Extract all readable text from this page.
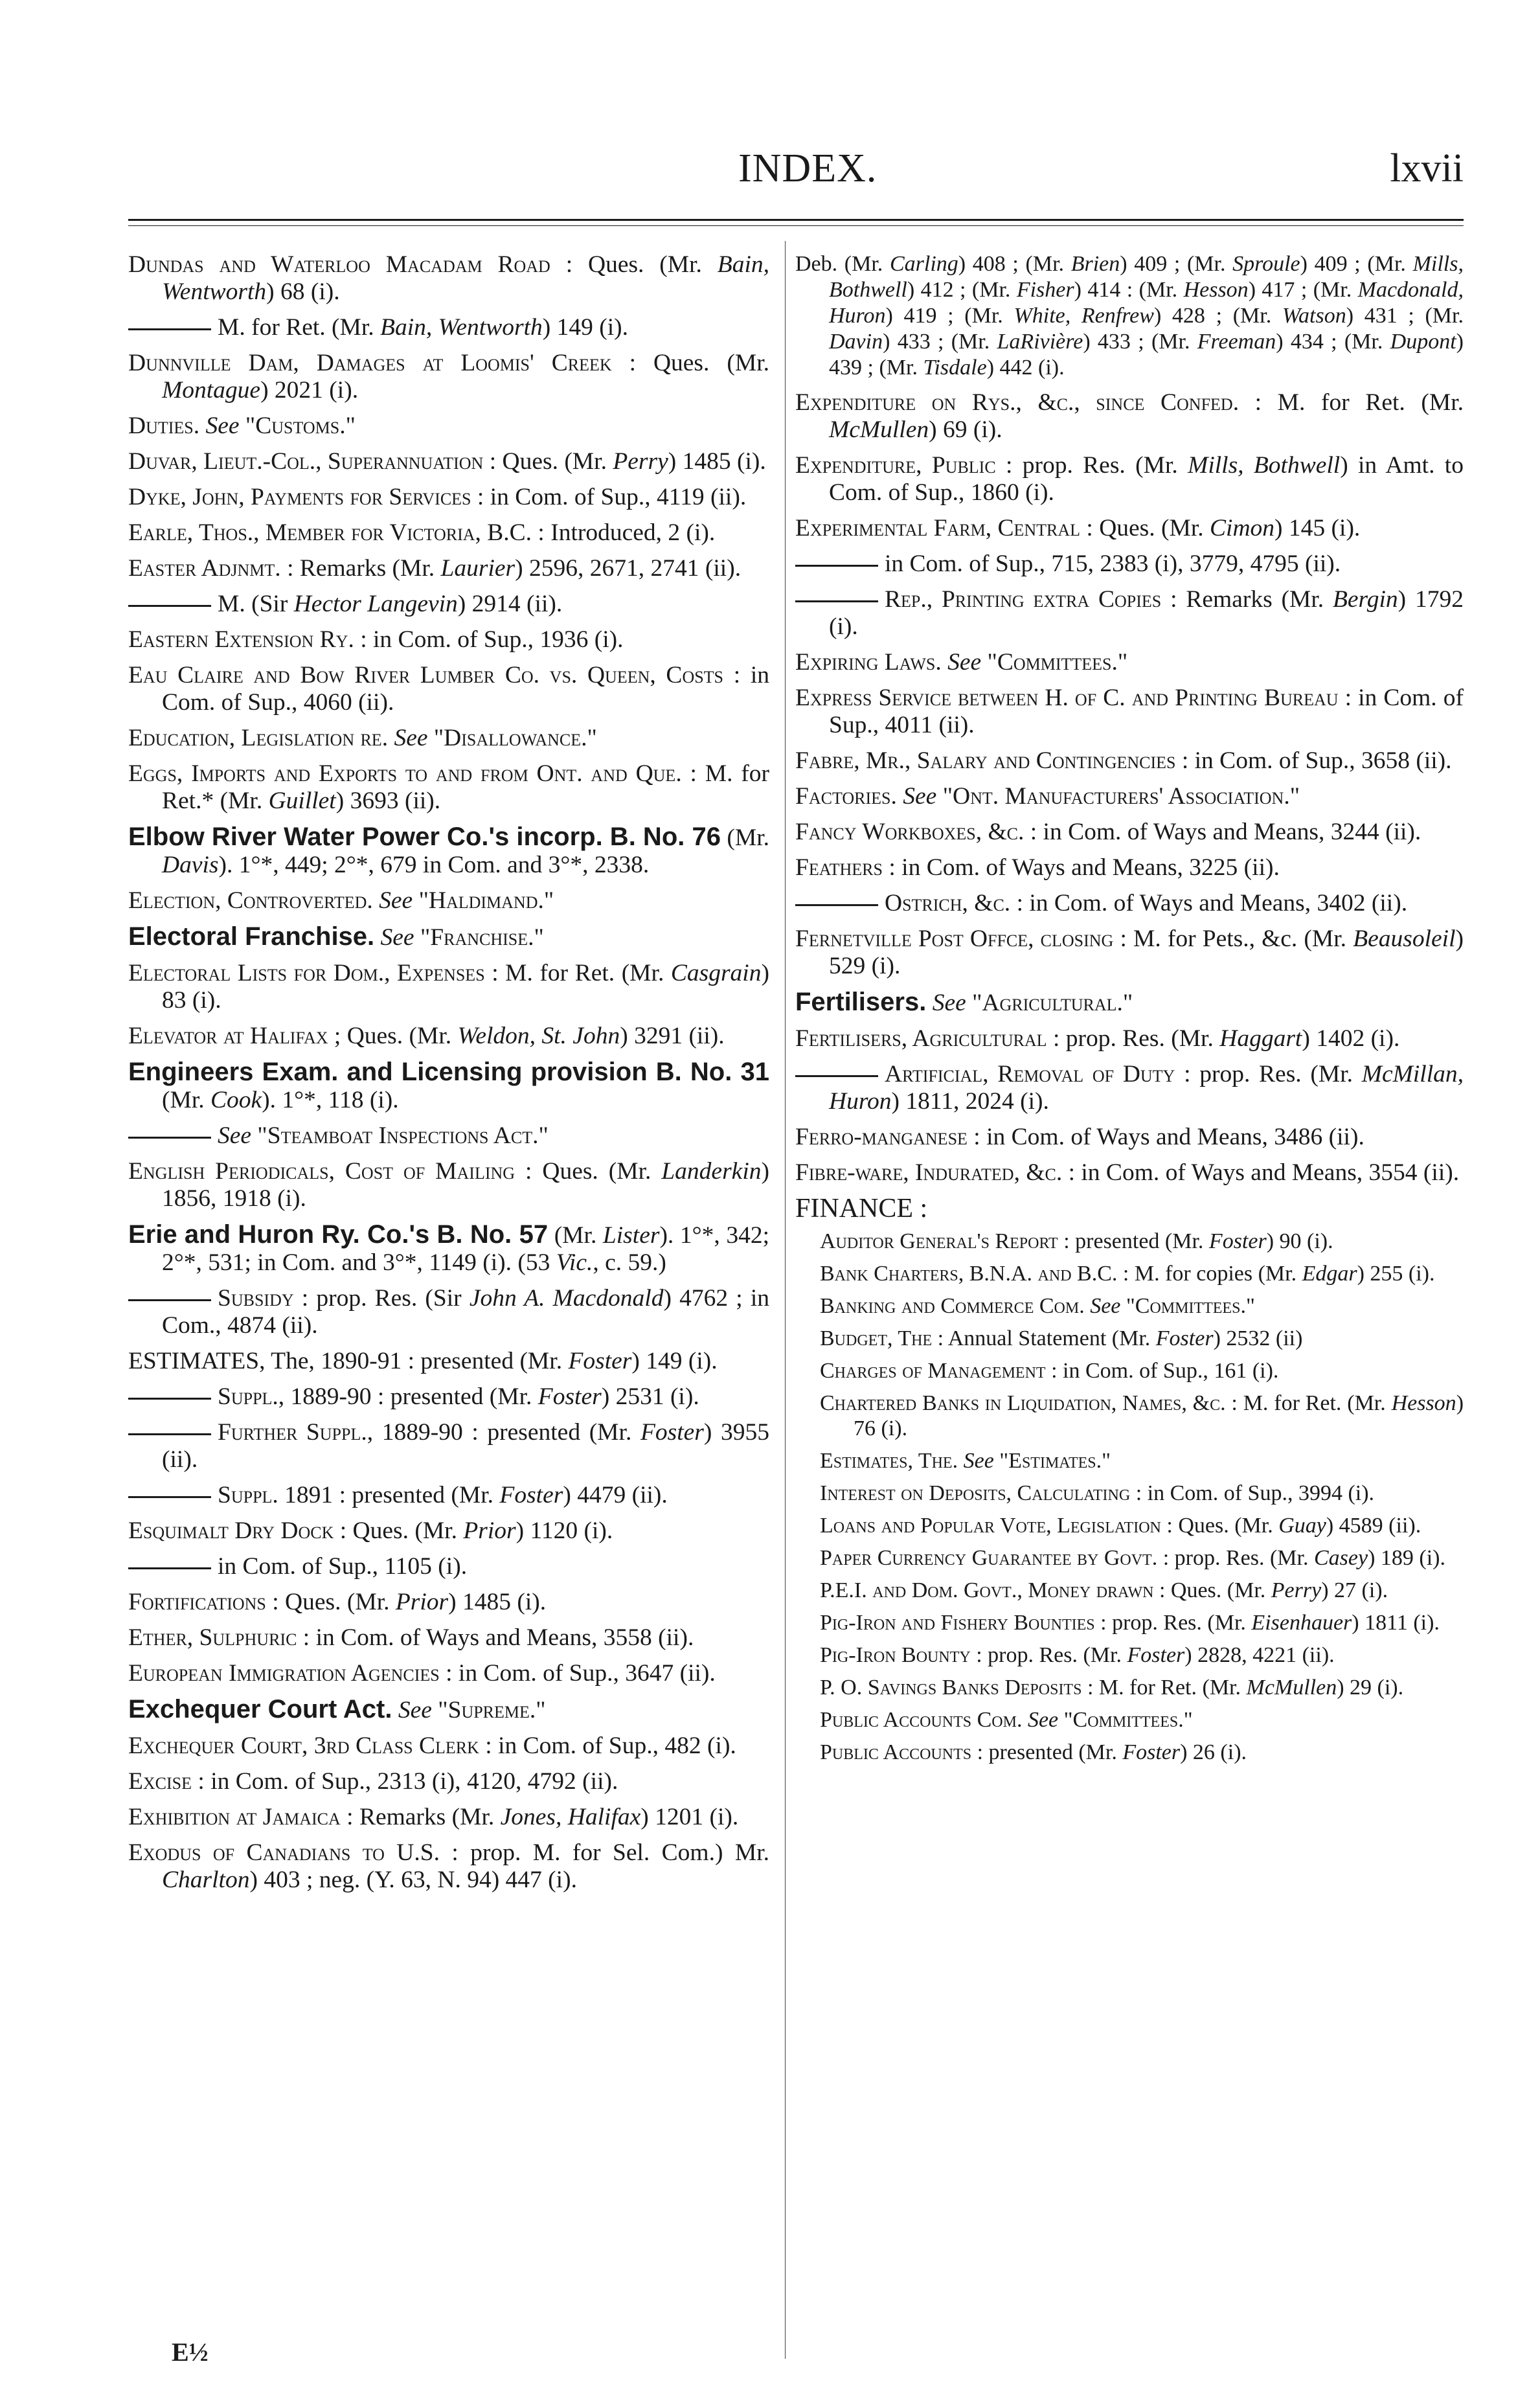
INDEX.	lxvii

Dundas and Waterloo Macadam Road : Ques. (Mr. Bain, Wentworth) 68 (i).

M. for Ret. (Mr. Bain, Wentworth) 149 (i).

Dunnville Dam, Damages at Loomis' Creek : Ques. (Mr. Montague) 2021 (i).

Duties. See "Customs."

Duvar, Lieut.-Col., Superannuation : Ques. (Mr. Perry) 1485 (i).

Dyke, John, Payments for Services : in Com. of Sup., 4119 (ii).

Earle, Thos., Member for Victoria, B.C. : Introduced, 2 (i).

Easter Adjnmt. : Remarks (Mr. Laurier) 2596, 2671, 2741 (ii).

M. (Sir Hector Langevin) 2914 (ii).

Eastern Extension Ry. : in Com. of Sup., 1936 (i).

Eau Claire and Bow River Lumber Co. vs. Queen, Costs : in Com. of Sup., 4060 (ii).

Education, Legislation re. See "Disallowance."

Eggs, Imports and Exports to and from Ont. and Que. : M. for Ret.* (Mr. Guillet) 3693 (ii).

Elbow River Water Power Co.'s incorp. B. No. 76 (Mr. Davis). 1°*, 449; 2°*, 679 in Com. and 3°*, 2338.

Election, Controverted. See "Haldimand."

Electoral Franchise. See "Franchise."

Electoral Lists for Dom., Expenses : M. for Ret. (Mr. Casgrain) 83 (i).

Elevator at Halifax ; Ques. (Mr. Weldon, St. John) 3291 (ii).

Engineers Exam. and Licensing provision B. No. 31 (Mr. Cook). 1°*, 118 (i).

See "Steamboat Inspections Act."

English Periodicals, Cost of Mailing : Ques. (Mr. Landerkin) 1856, 1918 (i).

Erie and Huron Ry. Co.'s B. No. 57 (Mr. Lister). 1°*, 342; 2°*, 531; in Com. and 3°*, 1149 (i). (53 Vic., c. 59.)

Subsidy : prop. Res. (Sir John A. Macdonald) 4762 ; in Com., 4874 (ii).

ESTIMATES, The, 1890-91 : presented (Mr. Foster) 149 (i).

Suppl., 1889-90 : presented (Mr. Foster) 2531 (i).

Further Suppl., 1889-90 : presented (Mr. Foster) 3955 (ii).

Suppl. 1891 : presented (Mr. Foster) 4479 (ii).

Esquimalt Dry Dock : Ques. (Mr. Prior) 1120 (i).

in Com. of Sup., 1105 (i).

Fortifications : Ques. (Mr. Prior) 1485 (i).

Ether, Sulphuric : in Com. of Ways and Means, 3558 (ii).

European Immigration Agencies : in Com. of Sup., 3647 (ii).

Exchequer Court Act. See "Supreme."

Exchequer Court, 3rd Class Clerk : in Com. of Sup., 482 (i).

Excise : in Com. of Sup., 2313 (i), 4120, 4792 (ii).

Exhibition at Jamaica : Remarks (Mr. Jones, Halifax) 1201 (i).

Exodus of Canadians to U.S. : prop. M. for Sel. Com.) Mr. Charlton) 403 ; neg. (Y. 63, N. 94) 447 (i).

Deb. (Mr. Carling) 408 ; (Mr. Brien) 409 ; (Mr. Sproule) 409 ; (Mr. Mills, Bothwell) 412 ; (Mr. Fisher) 414 : (Mr. Hesson) 417 ; (Mr. Macdonald, Huron) 419 ; (Mr. White, Renfrew) 428 ; (Mr. Watson) 431 ; (Mr. Davin) 433 ; (Mr. LaRivière) 433 ; (Mr. Freeman) 434 ; (Mr. Dupont) 439 ; (Mr. Tisdale) 442 (i).

Expenditure on Rys., &c., since Confed. : M. for Ret. (Mr. McMullen) 69 (i).

Expenditure, Public : prop. Res. (Mr. Mills, Bothwell) in Amt. to Com. of Sup., 1860 (i).

Experimental Farm, Central : Ques. (Mr. Cimon) 145 (i).

in Com. of Sup., 715, 2383 (i), 3779, 4795 (ii).

Rep., Printing extra Copies : Remarks (Mr. Bergin) 1792 (i).

Expiring Laws. See "Committees."

Express Service between H. of C. and Printing Bureau : in Com. of Sup., 4011 (ii).

Fabre, Mr., Salary and Contingencies : in Com. of Sup., 3658 (ii).

Factories. See "Ont. Manufacturers' Association."

Fancy Workboxes, &c. : in Com. of Ways and Means, 3244 (ii).

Feathers : in Com. of Ways and Means, 3225 (ii).

Ostrich, &c. : in Com. of Ways and Means, 3402 (ii).

Fernetville Post Offce, closing : M. for Pets., &c. (Mr. Beausoleil) 529 (i).

Fertilisers. See "Agricultural."

Fertilisers, Agricultural : prop. Res. (Mr. Haggart) 1402 (i).

Artificial, Removal of Duty : prop. Res. (Mr. McMillan, Huron) 1811, 2024 (i).

Ferro-manganese : in Com. of Ways and Means, 3486 (ii).

Fibre-ware, Indurated, &c. : in Com. of Ways and Means, 3554 (ii).

FINANCE :

Auditor General's Report : presented (Mr. Foster) 90 (i).

Bank Charters, B.N.A. and B.C. : M. for copies (Mr. Edgar) 255 (i).

Banking and Commerce Com. See "Committees."

Budget, The : Annual Statement (Mr. Foster) 2532 (ii)

Charges of Management : in Com. of Sup., 161 (i).

Chartered Banks in Liquidation, Names, &c. : M. for Ret. (Mr. Hesson) 76 (i).

Estimates, The. See "Estimates."

Interest on Deposits, Calculating : in Com. of Sup., 3994 (i).

Loans and Popular Vote, Legislation : Ques. (Mr. Guay) 4589 (ii).

Paper Currency Guarantee by Govt. : prop. Res. (Mr. Casey) 189 (i).

P.E.I. and Dom. Govt., Money drawn : Ques. (Mr. Perry) 27 (i).

Pig-Iron and Fishery Bounties : prop. Res. (Mr. Eisenhauer) 1811 (i).

Pig-Iron Bounty : prop. Res. (Mr. Foster) 2828, 4221 (ii).

P. O. Savings Banks Deposits : M. for Ret. (Mr. McMullen) 29 (i).

Public Accounts Com. See "Committees."

Public Accounts : presented (Mr. Foster) 26 (i).

E½
